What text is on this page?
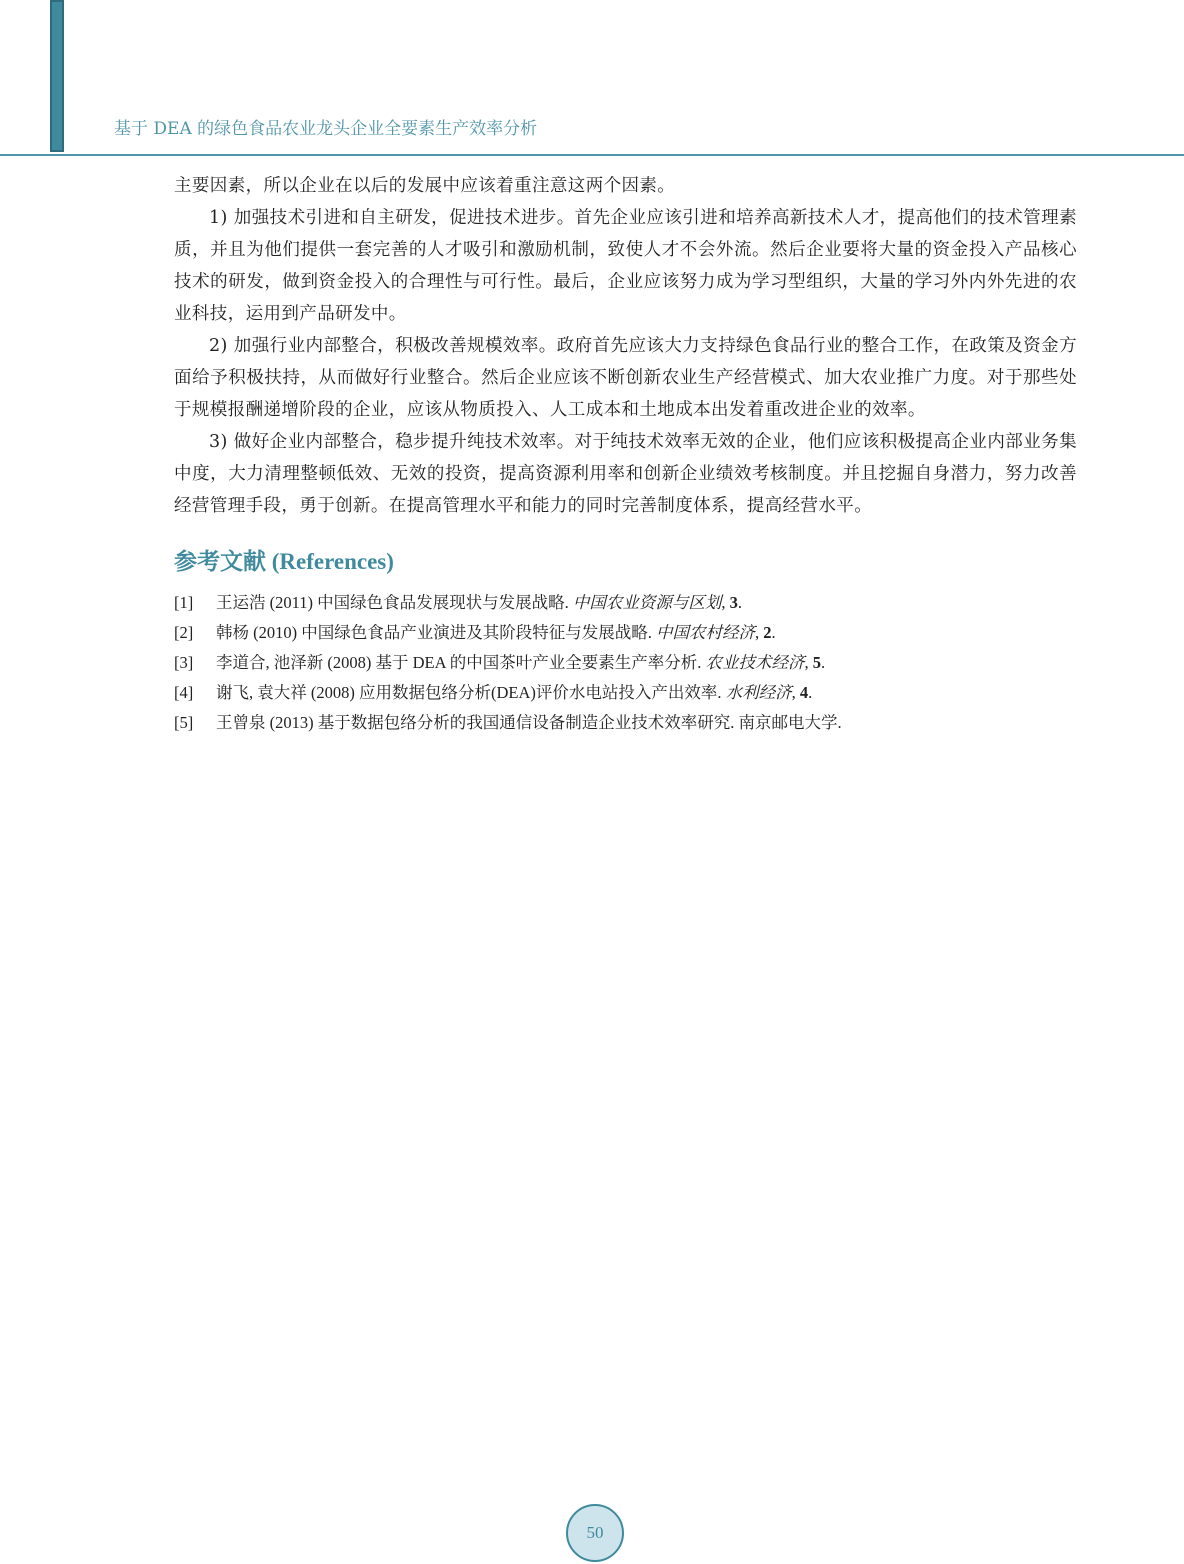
基于 DEA 的绿色食品农业龙头企业全要素生产效率分析

主要因素，所以企业在以后的发展中应该着重注意这两个因素。

1) 加强技术引进和自主研发，促进技术进步。首先企业应该引进和培养高新技术人才，提高他们的技术管理素质，并且为他们提供一套完善的人才吸引和激励机制，致使人才不会外流。然后企业要将大量的资金投入产品核心技术的研发，做到资金投入的合理性与可行性。最后，企业应该努力成为学习型组织，大量的学习外内外先进的农业科技，运用到产品研发中。

2) 加强行业内部整合，积极改善规模效率。政府首先应该大力支持绿色食品行业的整合工作，在政策及资金方面给予积极扶持，从而做好行业整合。然后企业应该不断创新农业生产经营模式、加大农业推广力度。对于那些处于规模报酬递增阶段的企业，应该从物质投入、人工成本和土地成本出发着重改进企业的效率。

3) 做好企业内部整合，稳步提升纯技术效率。对于纯技术效率无效的企业，他们应该积极提高企业内部业务集中度，大力清理整顿低效、无效的投资，提高资源利用率和创新企业绩效考核制度。并且挖掘自身潜力，努力改善经营管理手段，勇于创新。在提高管理水平和能力的同时完善制度体系，提高经营水平。

参考文献 (References)
[1]	王运浩 (2011) 中国绿色食品发展现状与发展战略. 中国农业资源与区划, 3.
[2]	韩杨 (2010) 中国绿色食品产业演进及其阶段特征与发展战略. 中国农村经济, 2.
[3]	李道合, 池泽新 (2008) 基于 DEA 的中国茶叶产业全要素生产率分析. 农业技术经济, 5.
[4]	谢飞, 袁大祥 (2008) 应用数据包络分析(DEA)评价水电站投入产出效率. 水利经济, 4.
[5]	王曾泉 (2013) 基于数据包络分析的我国通信设备制造企业技术效率研究. 南京邮电大学.
50
